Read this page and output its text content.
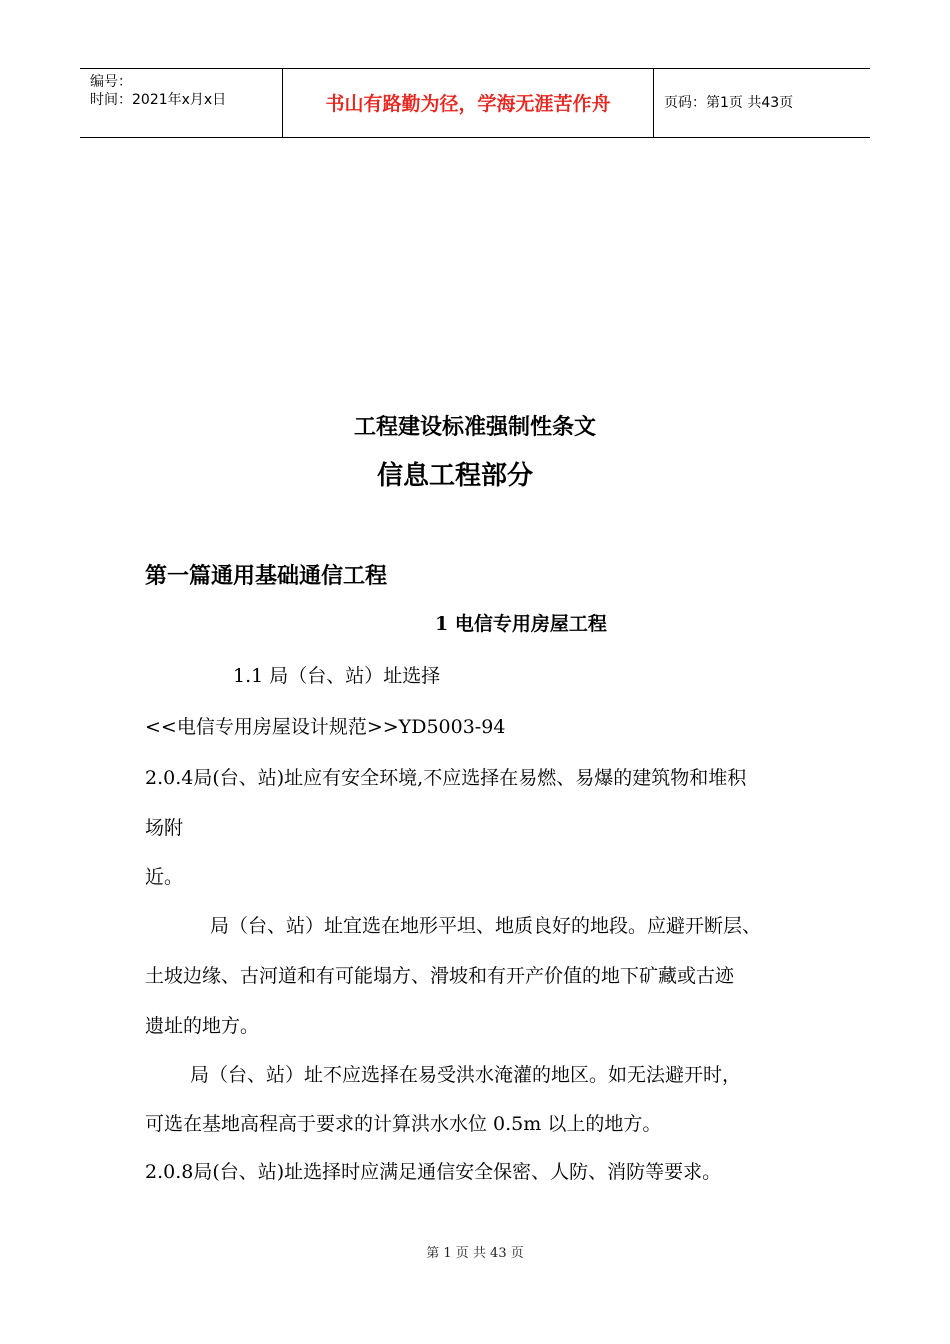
编号：
时间：2021年x月x日	书山有路勤为径，学海无涯苦作舟	页码：第1页 共43页
工程建设标准强制性条文
信息工程部分
第一篇通用基础通信工程
1 电信专用房屋工程
1.1 局（台、站）址选择
<<电信专用房屋设计规范>>YD5003-94
2.0.4局(台、站)址应有安全环境,不应选择在易燃、易爆的建筑物和堆积
场附
近。
局（台、站）址宜选在地形平坦、地质良好的地段。应避开断层、
土坡边缘、古河道和有可能塌方、滑坡和有开产价值的地下矿藏或古迹
遗址的地方。
局（台、站）址不应选择在易受洪水淹灌的地区。如无法避开时，
可选在基地高程高于要求的计算洪水水位 0.5m 以上的地方。
2.0.8局(台、站)址选择时应满足通信安全保密、人防、消防等要求。
第 1 页 共 43 页
